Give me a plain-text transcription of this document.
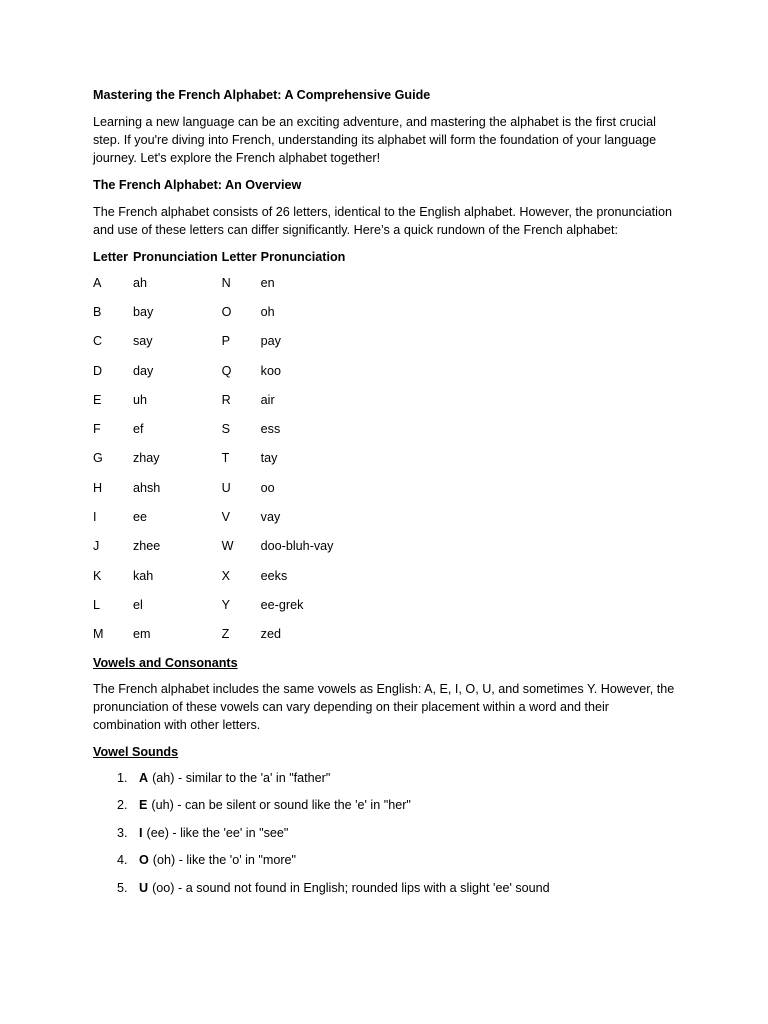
Mastering the French Alphabet: A Comprehensive Guide

Learning a new language can be an exciting adventure, and mastering the alphabet is the first crucial step. If you're diving into French, understanding its alphabet will form the foundation of your language journey. Let's explore the French alphabet together!

The French Alphabet: An Overview

The French alphabet consists of 26 letters, identical to the English alphabet. However, the pronunciation and use of these letters can differ significantly. Here’s a quick rundown of the French alphabet:

Letter	Pronunciation	Letter	Pronunciation
A	ah	N	en
B	bay	O	oh
C	say	P	pay
D	day	Q	koo
E	uh	R	air
F	ef	S	ess
G	zhay	T	tay
H	ahsh	U	oo
I	ee	V	vay
J	zhee	W	doo-bluh-vay
K	kah	X	eeks
L	el	Y	ee-grek
M	em	Z	zed
Vowels and Consonants

The French alphabet includes the same vowels as English: A, E, I, O, U, and sometimes Y. However, the pronunciation of these vowels can vary depending on their placement within a word and their combination with other letters.

Vowel Sounds
1. A (ah) - similar to the 'a' in "father"
2. E (uh) - can be silent or sound like the 'e' in "her"
3. I (ee) - like the 'ee' in "see"
4. O (oh) - like the 'o' in "more"
5. U (oo) - a sound not found in English; rounded lips with a slight 'ee' sound
